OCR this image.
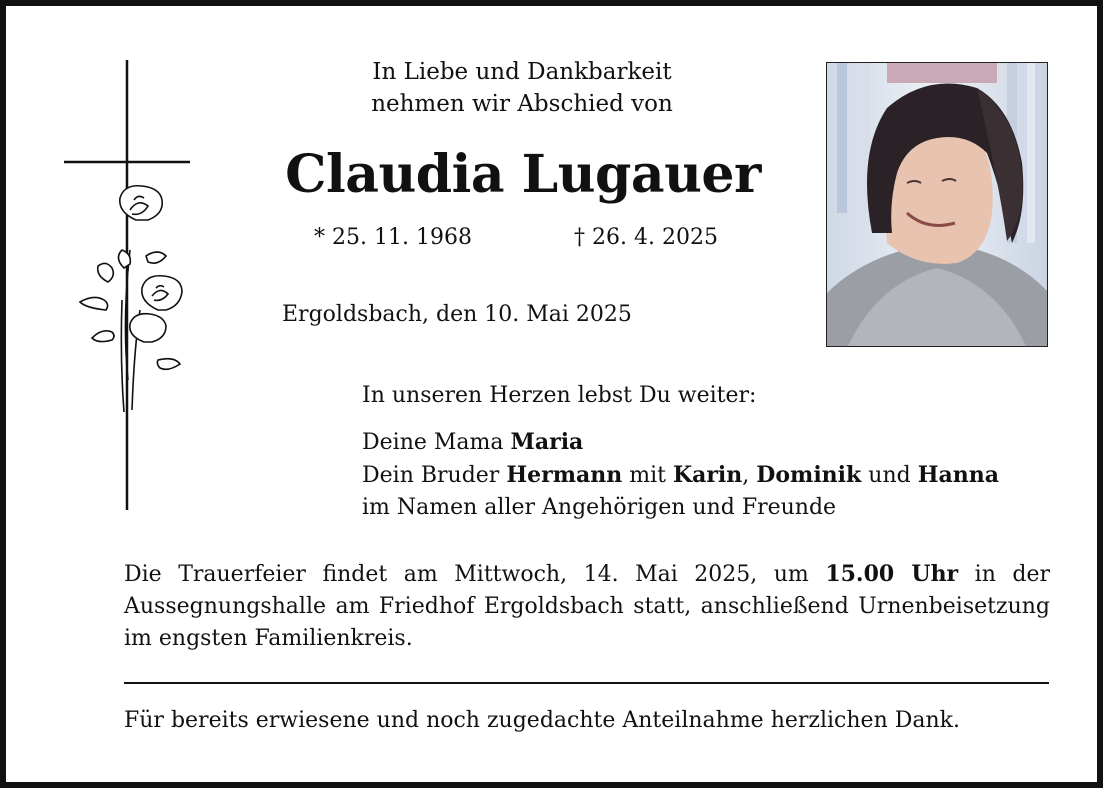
In Liebe und Dankbarkeit
nehmen wir Abschied von
Claudia Lugauer
* 25. 11. 1968	† 26. 4. 2025
Ergoldsbach, den 10. Mai 2025
In unseren Herzen lebst Du weiter:
Deine Mama Maria
Dein Bruder Hermann mit Karin, Dominik und Hanna
im Namen aller Angehörigen und Freunde
Die Trauerfeier findet am Mittwoch, 14. Mai 2025, um 15.00 Uhr in der Aussegnungshalle am Friedhof Ergoldsbach statt, anschließend Urnenbeisetzung im engsten Familienkreis.
Für bereits erwiesene und noch zugedachte Anteilnahme herzlichen Dank.
